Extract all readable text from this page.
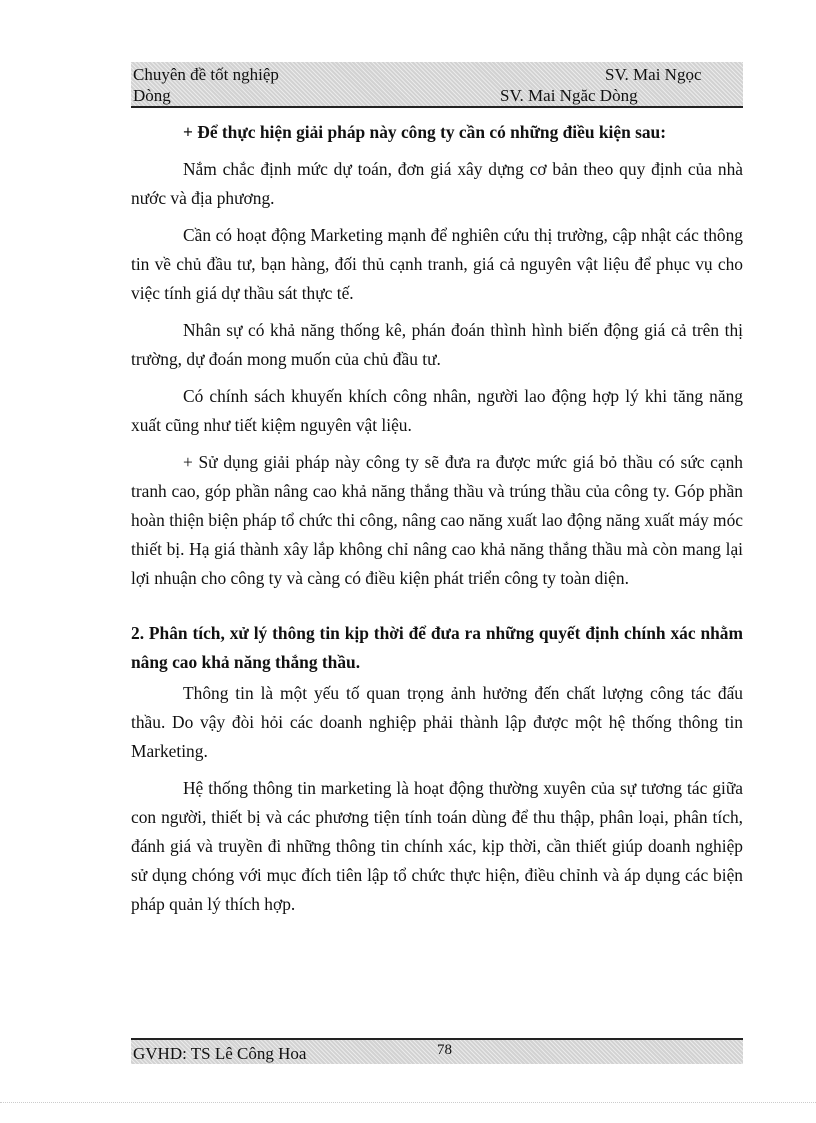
Chuyên đề tốt nghiệp
Dòng
SV. Mai Ngọc
SV. Mai Ngăc Dòng

+ Để thực hiện giải pháp này công ty cần có những điều kiện sau:

Nắm chắc định mức dự toán, đơn giá xây dựng cơ bản theo quy định của nhà nước và địa phương.

Cần có hoạt động Marketing mạnh để nghiên cứu thị trường, cập nhật các thông tin về chủ đầu tư, bạn hàng, đối thủ cạnh tranh, giá cả nguyên vật liệu để phục vụ cho việc tính giá dự thầu sát thực tế.

Nhân sự có khả năng thống kê, phán đoán thình hình biến động giá cả trên thị trường, dự đoán mong muốn của chủ đầu tư.

Có chính sách khuyến khích công nhân, người lao động hợp lý khi tăng năng xuất cũng như tiết kiệm nguyên vật liệu.

+ Sử dụng giải pháp này công ty sẽ đưa ra được mức giá bỏ thầu có sức cạnh tranh cao, góp phần nâng cao khả năng thắng thầu và trúng thầu của công ty. Góp phần hoàn thiện biện pháp tổ chức thi công, nâng cao năng xuất lao động năng xuất máy móc thiết bị. Hạ giá thành xây lắp không chỉ nâng cao khả năng thắng thầu mà còn mang lại lợi nhuận cho công ty và càng có điều kiện phát triển công ty toàn diện.

2. Phân tích, xử lý thông tin kịp thời để đưa ra những quyết định chính xác nhằm nâng cao khả năng thắng thầu.

Thông tin là một yếu tố quan trọng ảnh hưởng đến chất lượng công tác đấu thầu. Do vậy đòi hỏi các doanh nghiệp phải thành lập được một hệ thống thông tin Marketing.

Hệ thống thông tin marketing là hoạt động thường xuyên của sự tương tác giữa con người, thiết bị và các phương tiện tính toán dùng để thu thập, phân loại, phân tích, đánh giá và truyền đi những thông tin chính xác, kịp thời, cần thiết giúp doanh nghiệp sử dụng chóng với mục đích tiên lập tổ chức thực hiện, điều chỉnh và áp dụng các biện pháp quản lý thích hợp.

GVHD: TS Lê Công Hoa	78
